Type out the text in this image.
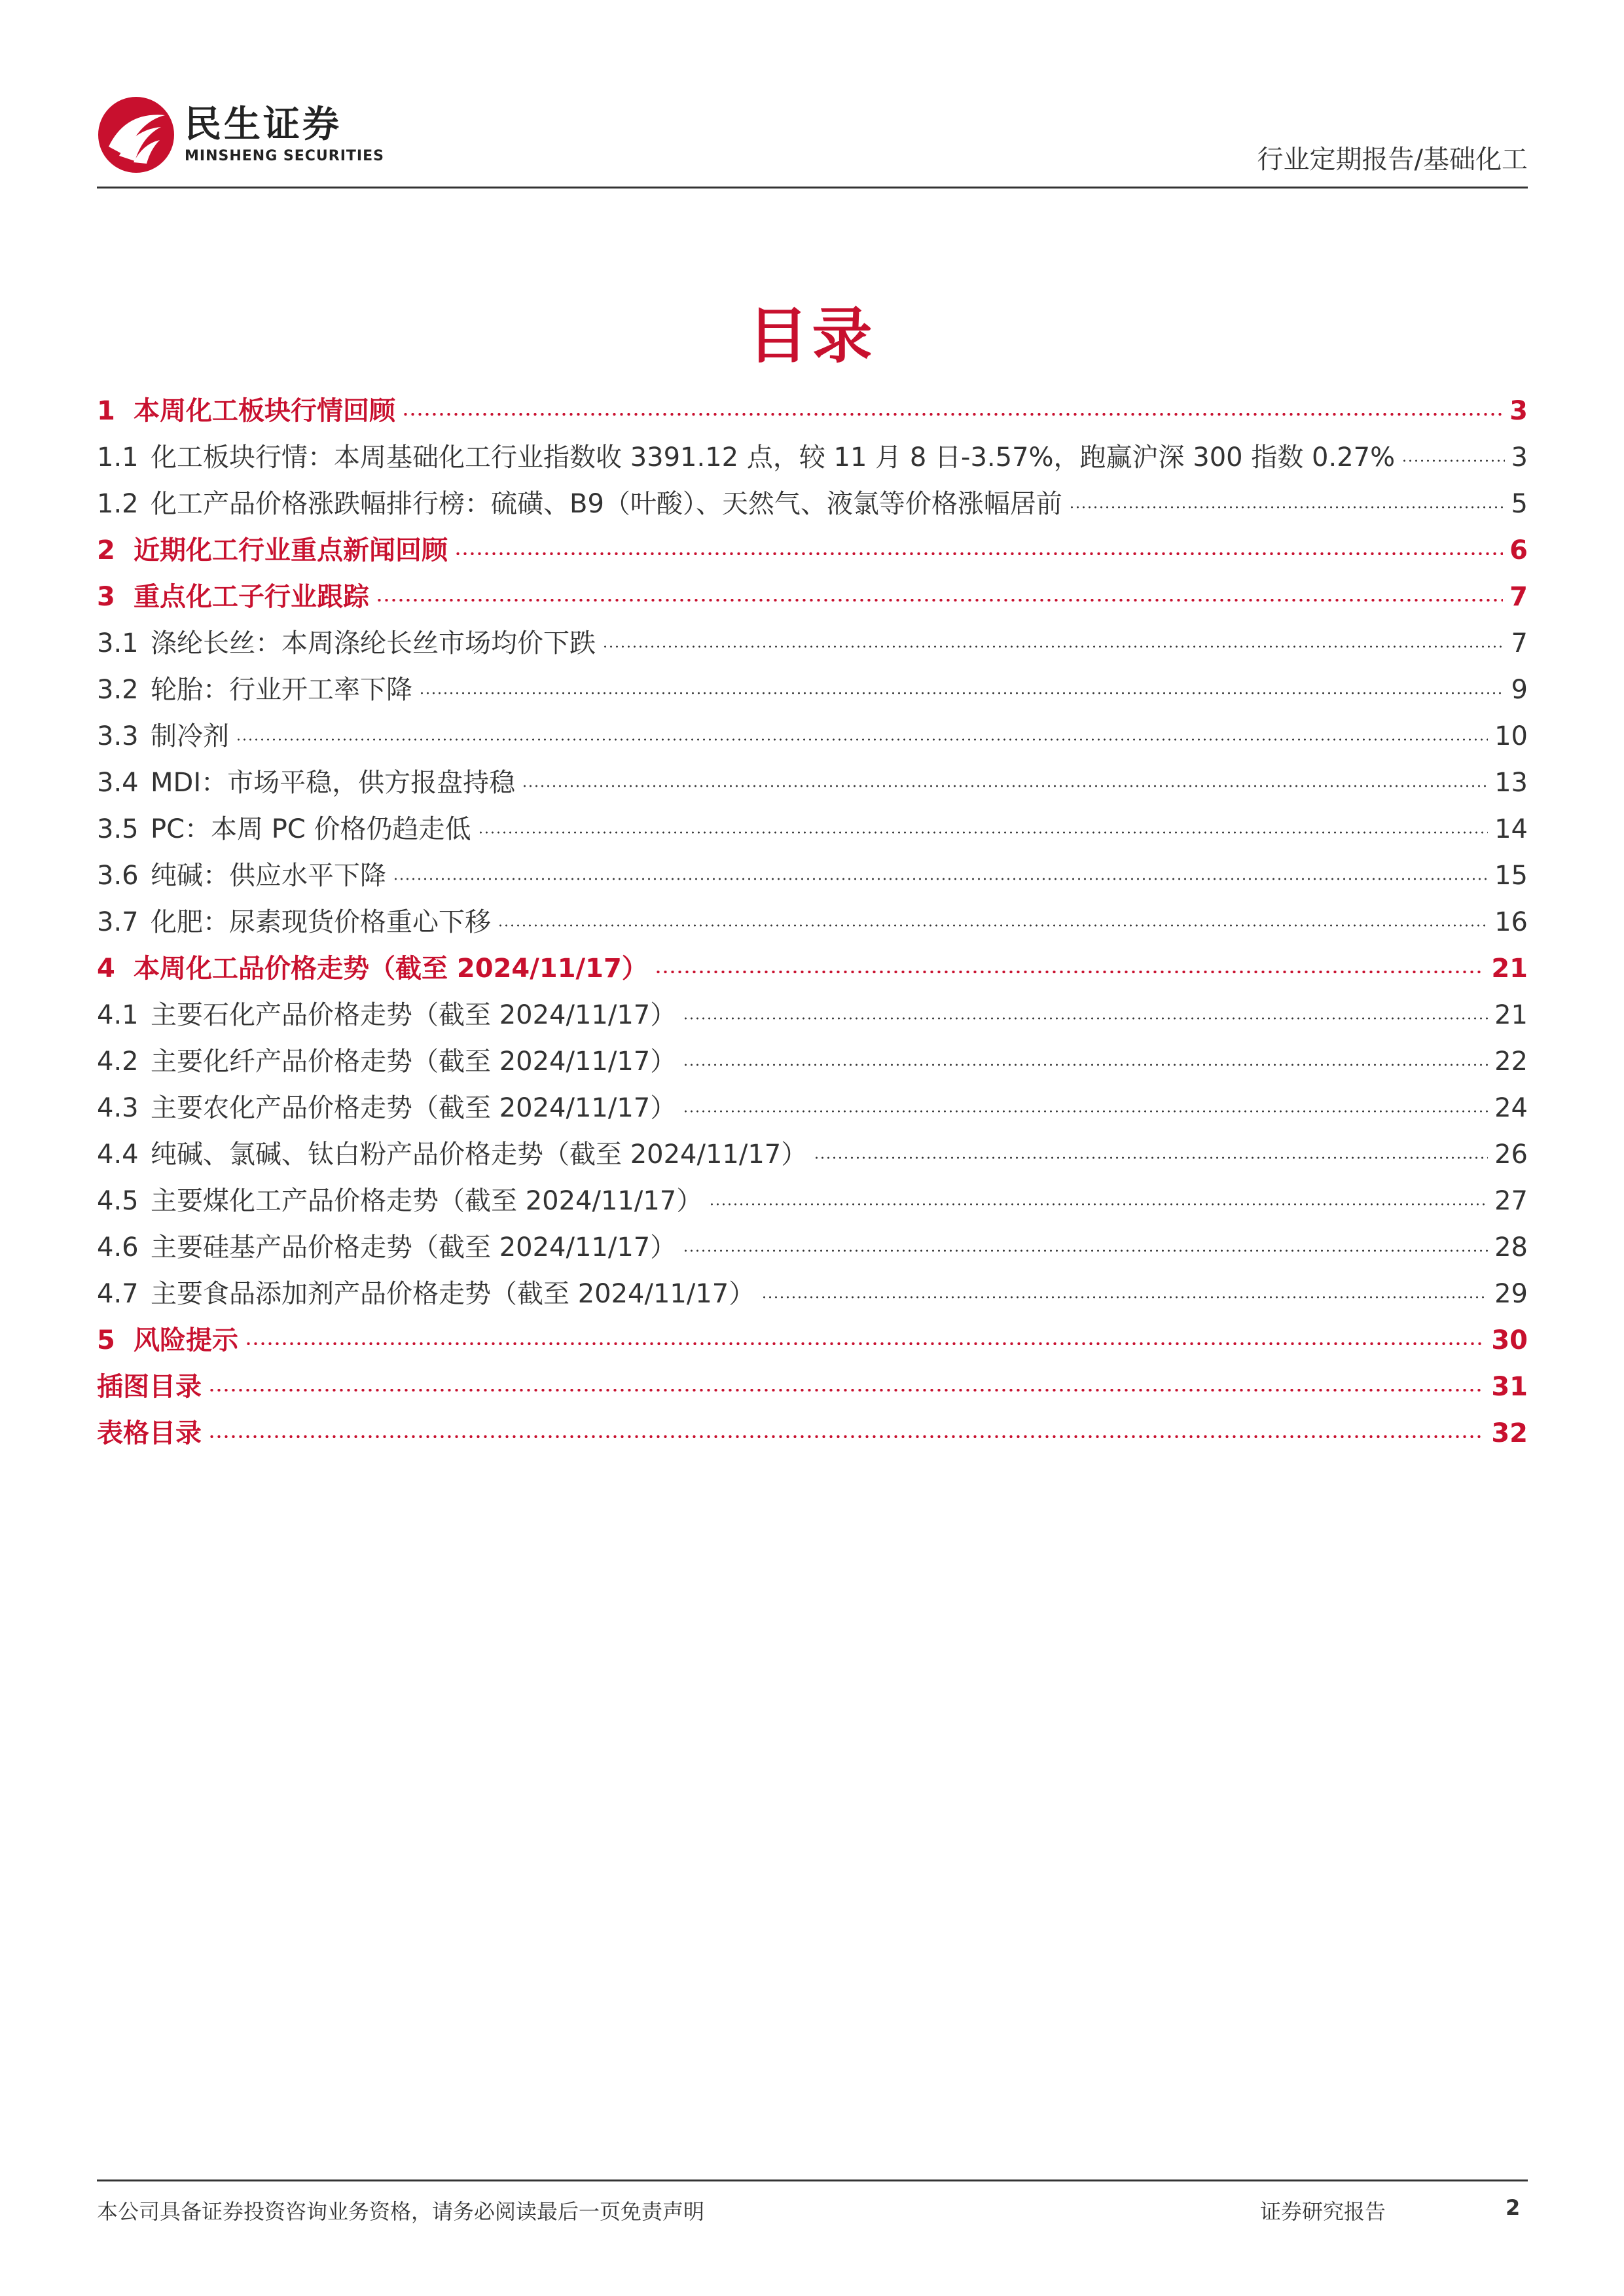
民生证券
MINSHENG SECURITIES	行业定期报告/基础化工
目录
1 本周化工板块行情回顾	3
1.1 化工板块行情：本周基础化工行业指数收 3391.12 点，较 11 月 8 日-3.57%，跑赢沪深 300 指数 0.27%	3
1.2 化工产品价格涨跌幅排行榜：硫磺、B9（叶酸）、天然气、液氯等价格涨幅居前	5
2 近期化工行业重点新闻回顾	6
3 重点化工子行业跟踪	7
3.1 涤纶长丝：本周涤纶长丝市场均价下跌	7
3.2 轮胎：行业开工率下降	9
3.3 制冷剂	10
3.4 MDI：市场平稳，供方报盘持稳	13
3.5 PC：本周 PC 价格仍趋走低	14
3.6 纯碱：供应水平下降	15
3.7 化肥：尿素现货价格重心下移	16
4 本周化工品价格走势（截至 2024/11/17）	21
4.1 主要石化产品价格走势（截至 2024/11/17）	21
4.2 主要化纤产品价格走势（截至 2024/11/17）	22
4.3 主要农化产品价格走势（截至 2024/11/17）	24
4.4 纯碱、氯碱、钛白粉产品价格走势（截至 2024/11/17）	26
4.5 主要煤化工产品价格走势（截至 2024/11/17）	27
4.6 主要硅基产品价格走势（截至 2024/11/17）	28
4.7 主要食品添加剂产品价格走势（截至 2024/11/17）	29
5 风险提示	30
插图目录	31
表格目录	32
本公司具备证券投资咨询业务资格，请务必阅读最后一页免责声明	证券研究报告	2
